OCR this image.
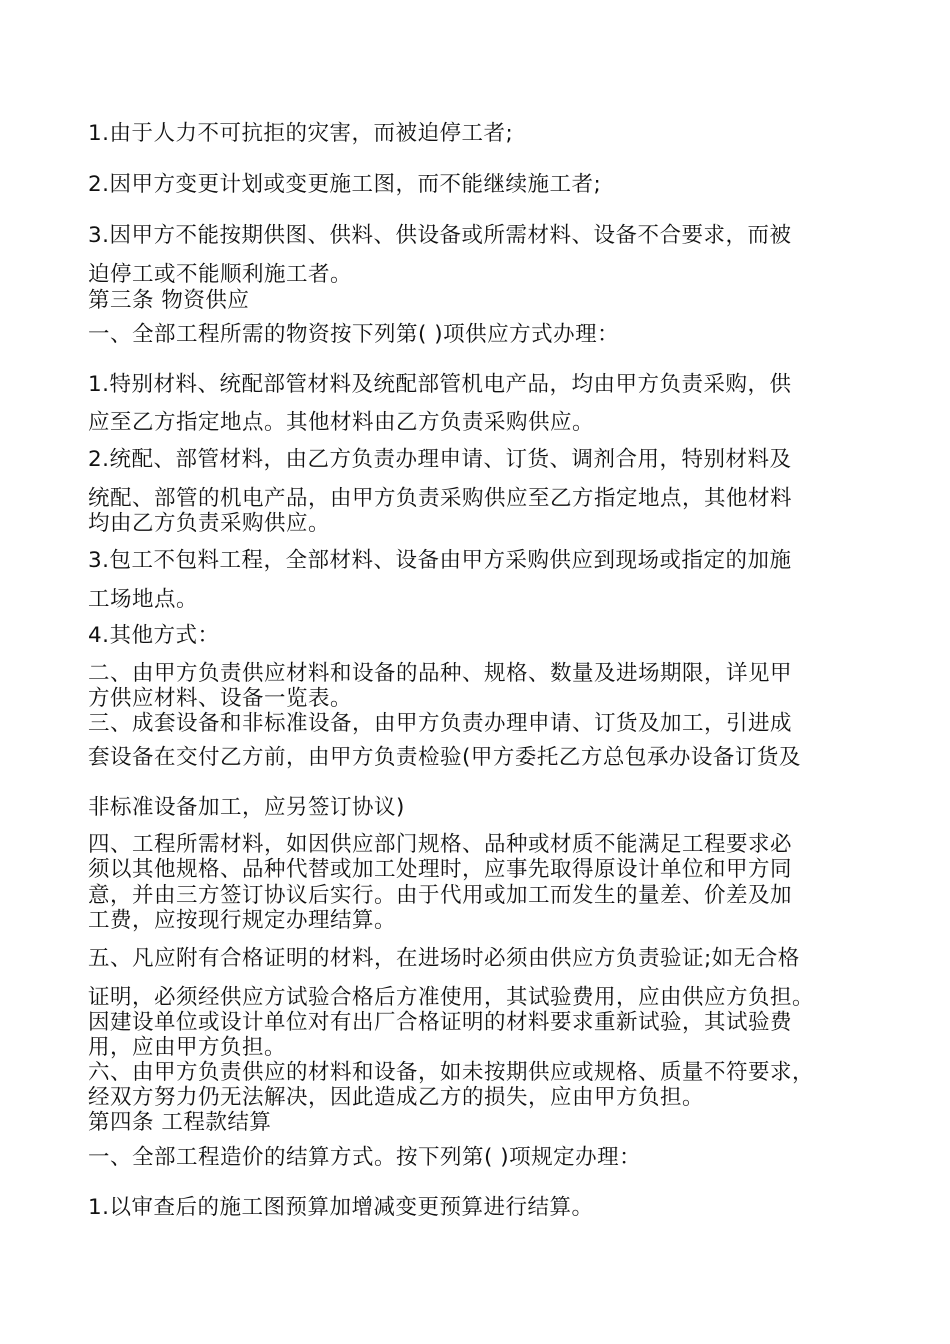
1.由于人力不可抗拒的灾害，而被迫停工者;

2.因甲方变更计划或变更施工图，而不能继续施工者;

3.因甲方不能按期供图、供料、供设备或所需材料、设备不合要求，而被

迫停工或不能顺利施工者。

第三条 物资供应

一、全部工程所需的物资按下列第( )项供应方式办理：

1.特别材料、统配部管材料及统配部管机电产品，均由甲方负责采购，供

应至乙方指定地点。其他材料由乙方负责采购供应。

2.统配、部管材料，由乙方负责办理申请、订货、调剂合用，特别材料及

统配、部管的机电产品，由甲方负责采购供应至乙方指定地点，其他材料

均由乙方负责采购供应。

3.包工不包料工程，全部材料、设备由甲方采购供应到现场或指定的加施

工场地点。

4.其他方式：

二、由甲方负责供应材料和设备的品种、规格、数量及进场期限，详见甲

方供应材料、设备一览表。

三、成套设备和非标准设备，由甲方负责办理申请、订货及加工，引进成

套设备在交付乙方前，由甲方负责检验(甲方委托乙方总包承办设备订货及

非标准设备加工，应另签订协议)

四、工程所需材料，如因供应部门规格、品种或材质不能满足工程要求必

须以其他规格、品种代替或加工处理时，应事先取得原设计单位和甲方同

意，并由三方签订协议后实行。由于代用或加工而发生的量差、价差及加

工费，应按现行规定办理结算。

五、凡应附有合格证明的材料，在进场时必须由供应方负责验证;如无合格

证明，必须经供应方试验合格后方准使用，其试验费用，应由供应方负担。

因建设单位或设计单位对有出厂合格证明的材料要求重新试验，其试验费

用，应由甲方负担。

六、由甲方负责供应的材料和设备，如未按期供应或规格、质量不符要求，

经双方努力仍无法解决，因此造成乙方的损失，应由甲方负担。

第四条 工程款结算

一、全部工程造价的结算方式。按下列第( )项规定办理：

1.以审查后的施工图预算加增减变更预算进行结算。
